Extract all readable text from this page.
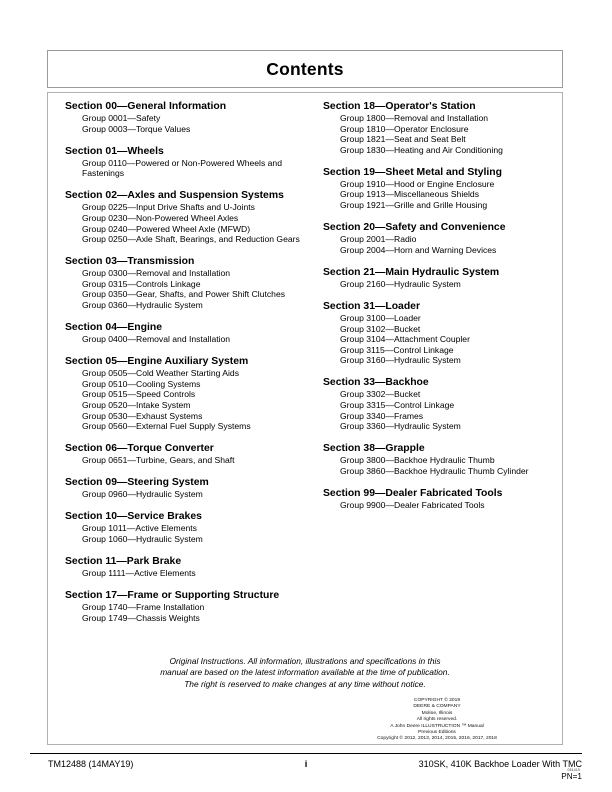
Contents
Section 00—General Information
Group 0001—Safety
Group 0003—Torque Values
Section 01—Wheels
Group 0110—Powered or Non-Powered Wheels and Fastenings
Section 02—Axles and Suspension Systems
Group 0225—Input Drive Shafts and U-Joints
Group 0230—Non-Powered Wheel Axles
Group 0240—Powered Wheel Axle (MFWD)
Group 0250—Axle Shaft, Bearings, and Reduction Gears
Section 03—Transmission
Group 0300—Removal and Installation
Group 0315—Controls Linkage
Group 0350—Gear, Shafts, and Power Shift Clutches
Group 0360—Hydraulic System
Section 04—Engine
Group 0400—Removal and Installation
Section 05—Engine Auxiliary System
Group 0505—Cold Weather Starting Aids
Group 0510—Cooling Systems
Group 0515—Speed Controls
Group 0520—Intake System
Group 0530—Exhaust Systems
Group 0560—External Fuel Supply Systems
Section 06—Torque Converter
Group 0651—Turbine, Gears, and Shaft
Section 09—Steering System
Group 0960—Hydraulic System
Section 10—Service Brakes
Group 1011—Active Elements
Group 1060—Hydraulic System
Section 11—Park Brake
Group 1111—Active Elements
Section 17—Frame or Supporting Structure
Group 1740—Frame Installation
Group 1749—Chassis Weights
Section 18—Operator's Station
Group 1800—Removal and Installation
Group 1810—Operator Enclosure
Group 1821—Seat and Seat Belt
Group 1830—Heating and Air Conditioning
Section 19—Sheet Metal and Styling
Group 1910—Hood or Engine Enclosure
Group 1913—Miscellaneous Shields
Group 1921—Grille and Grille Housing
Section 20—Safety and Convenience
Group 2001—Radio
Group 2004—Horn and Warning Devices
Section 21—Main Hydraulic System
Group 2160—Hydraulic System
Section 31—Loader
Group 3100—Loader
Group 3102—Bucket
Group 3104—Attachment Coupler
Group 3115—Control Linkage
Group 3160—Hydraulic System
Section 33—Backhoe
Group 3302—Bucket
Group 3315—Control Linkage
Group 3340—Frames
Group 3360—Hydraulic System
Section 38—Grapple
Group 3800—Backhoe Hydraulic Thumb
Group 3860—Backhoe Hydraulic Thumb Cylinder
Section 99—Dealer Fabricated Tools
Group 9900—Dealer Fabricated Tools
Original Instructions. All information, illustrations and specifications in this
manual are based on the latest information available at the time of publication.
The right is reserved to make changes at any time without notice.
COPYRIGHT © 2019
DEERE & COMPANY
Moline, Illinois
All rights reserved.
A John Deere ILLUSTRUCTION ™ Manual
Previous Editions
Copyright © 2012, 2013, 2014, 2015, 2016, 2017, 2018
TM12488 (14MAY19)	i	310SK, 410K Backhoe Loader With TMC
051419
PN=1
